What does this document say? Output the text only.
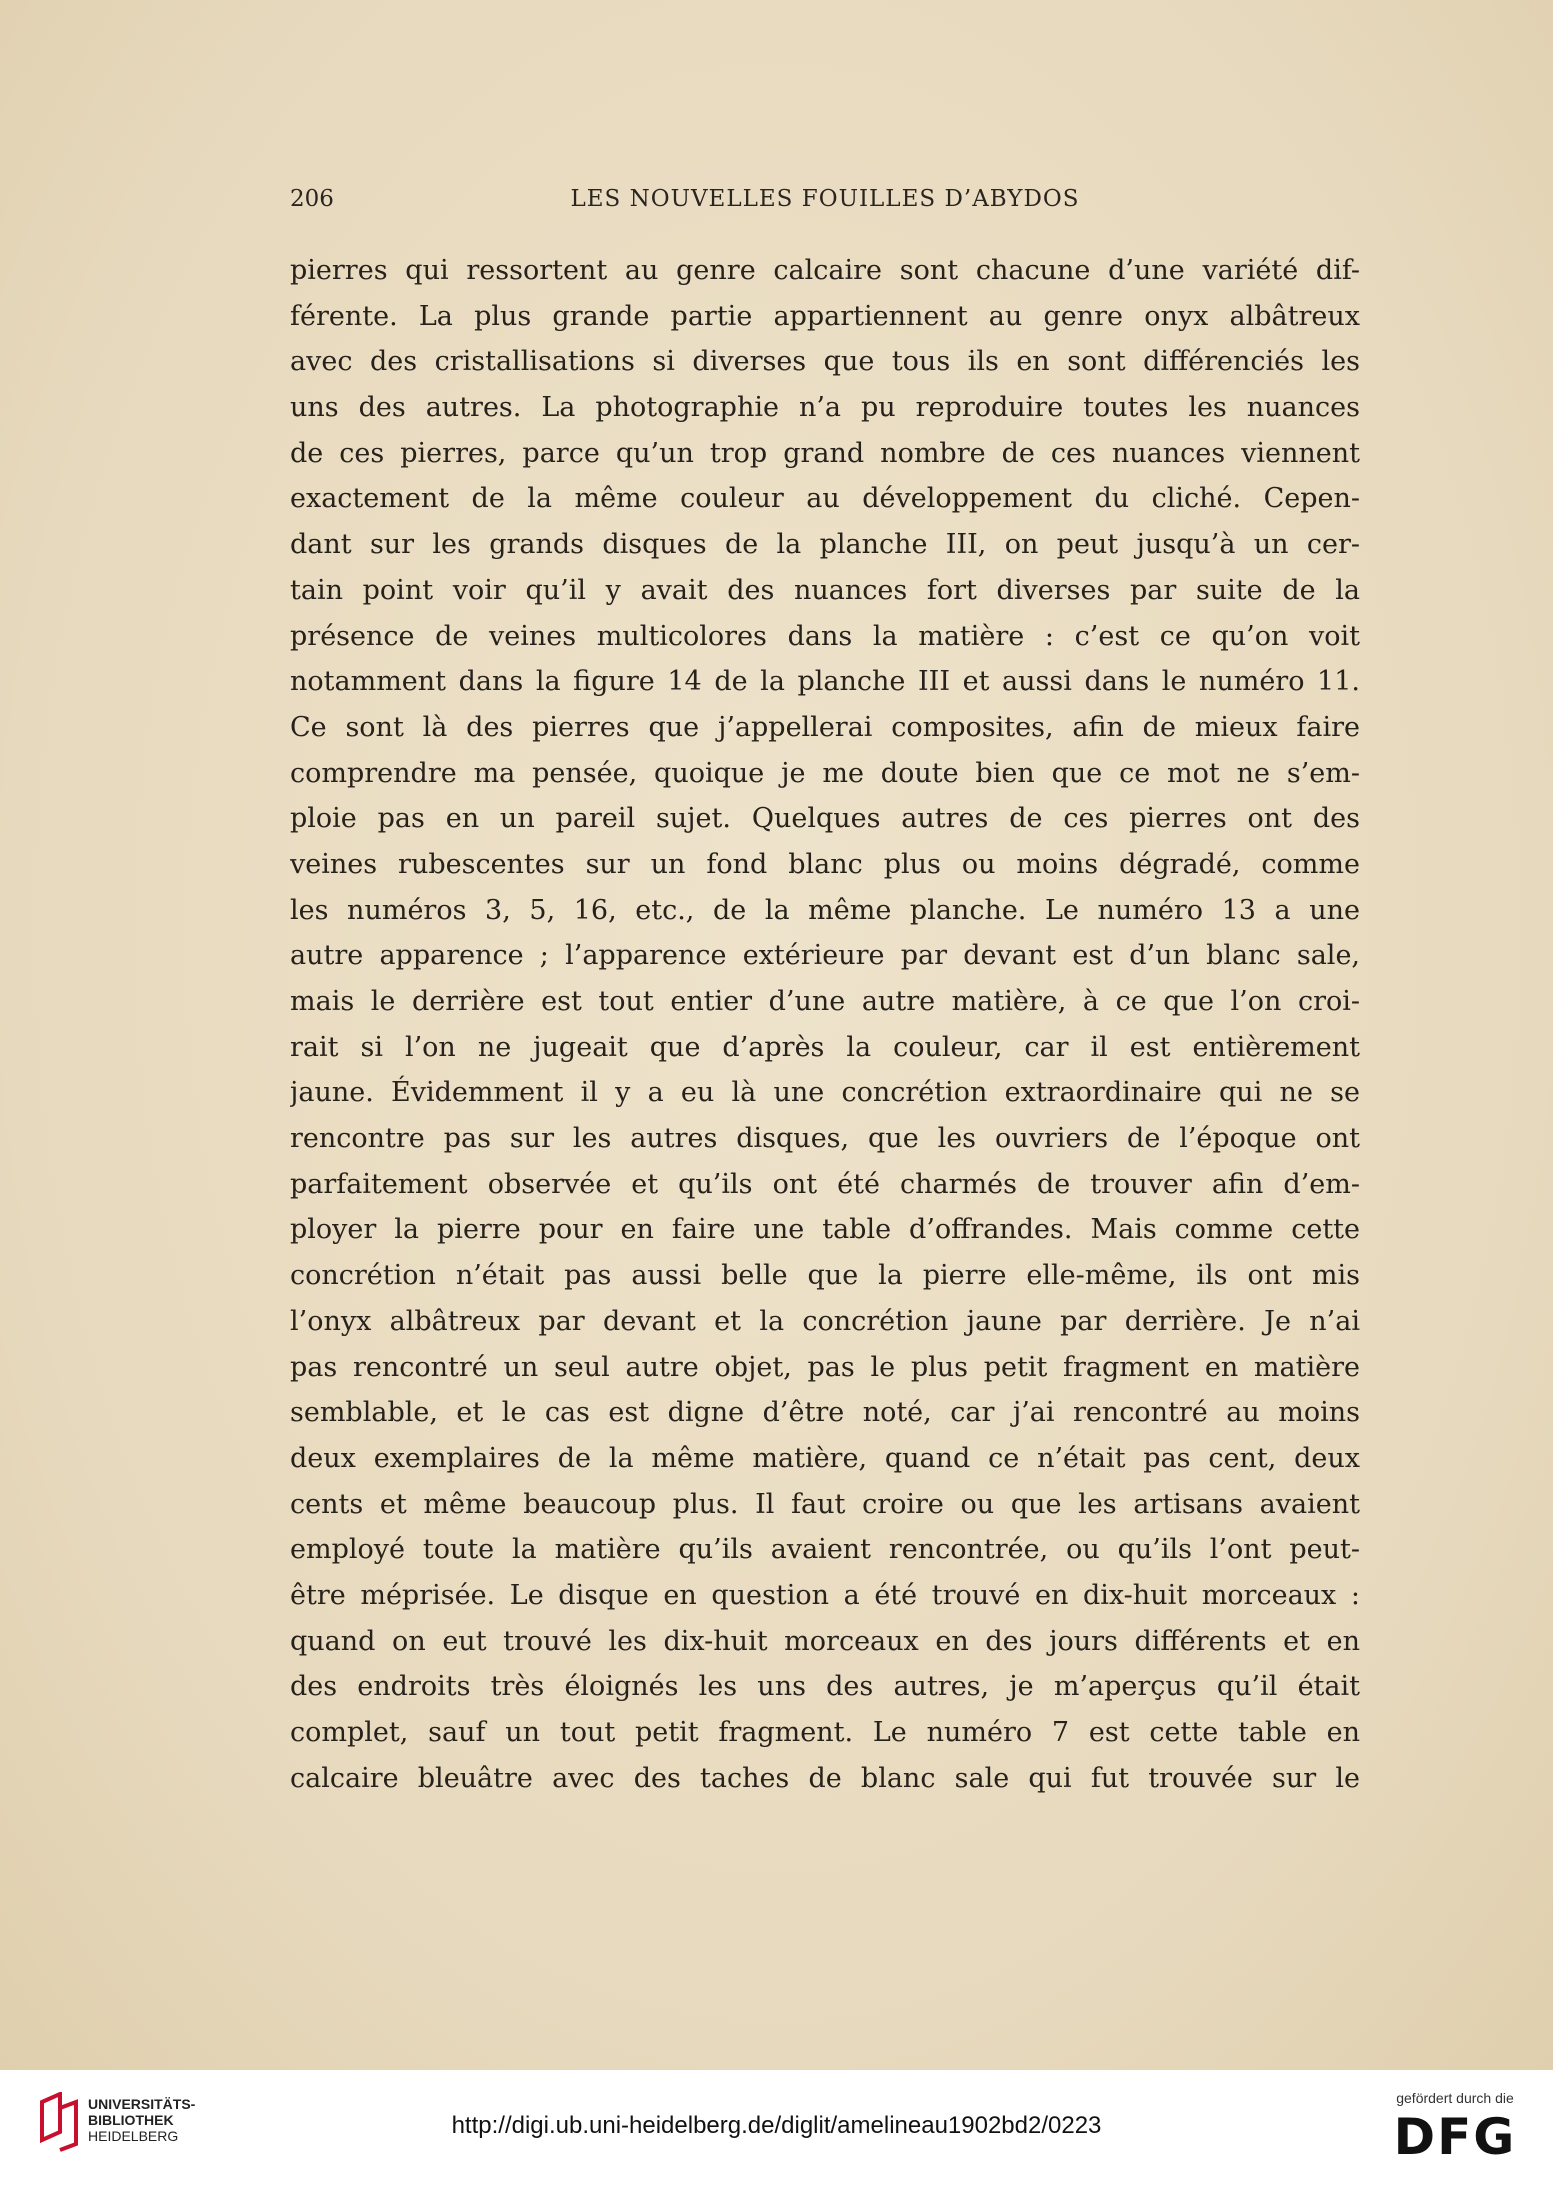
206	LES NOUVELLES FOUILLES D’ABYDOS
pierres qui ressortent au genre calcaire sont chacune d’une variété dif-
férente. La plus grande partie appartiennent au genre onyx albâtreux
avec des cristallisations si diverses que tous ils en sont différenciés les
uns des autres. La photographie n’a pu reproduire toutes les nuances
de ces pierres, parce qu’un trop grand nombre de ces nuances viennent
exactement de la même couleur au développement du cliché. Cepen-
dant sur les grands disques de la planche III, on peut jusqu’à un cer-
tain point voir qu’il y avait des nuances fort diverses par suite de la
présence de veines multicolores dans la matière : c’est ce qu’on voit
notamment dans la figure 14 de la planche III et aussi dans le numéro 11.
Ce sont là des pierres que j’appellerai composites, afin de mieux faire
comprendre ma pensée, quoique je me doute bien que ce mot ne s’em-
ploie pas en un pareil sujet. Quelques autres de ces pierres ont des
veines rubescentes sur un fond blanc plus ou moins dégradé, comme
les numéros 3, 5, 16, etc., de la même planche. Le numéro 13 a une
autre apparence ; l’apparence extérieure par devant est d’un blanc sale,
mais le derrière est tout entier d’une autre matière, à ce que l’on croi-
rait si l’on ne jugeait que d’après la couleur, car il est entièrement
jaune. Évidemment il y a eu là une concrétion extraordinaire qui ne se
rencontre pas sur les autres disques, que les ouvriers de l’époque ont
parfaitement observée et qu’ils ont été charmés de trouver afin d’em-
ployer la pierre pour en faire une table d’offrandes. Mais comme cette
concrétion n’était pas aussi belle que la pierre elle-même, ils ont mis
l’onyx albâtreux par devant et la concrétion jaune par derrière. Je n’ai
pas rencontré un seul autre objet, pas le plus petit fragment en matière
semblable, et le cas est digne d’être noté, car j’ai rencontré au moins
deux exemplaires de la même matière, quand ce n’était pas cent, deux
cents et même beaucoup plus. Il faut croire ou que les artisans avaient
employé toute la matière qu’ils avaient rencontrée, ou qu’ils l’ont peut-
être méprisée. Le disque en question a été trouvé en dix-huit morceaux :
quand on eut trouvé les dix-huit morceaux en des jours différents et en
des endroits très éloignés les uns des autres, je m’aperçus qu’il était
complet, sauf un tout petit fragment. Le numéro 7 est cette table en
calcaire bleuâtre avec des taches de blanc sale qui fut trouvée sur le
UNIVERSITÄTS-
BIBLIOTHEK
HEIDELBERG	http://digi.ub.uni-heidelberg.de/diglit/amelineau1902bd2/0223
gefördert durch die
DFG
